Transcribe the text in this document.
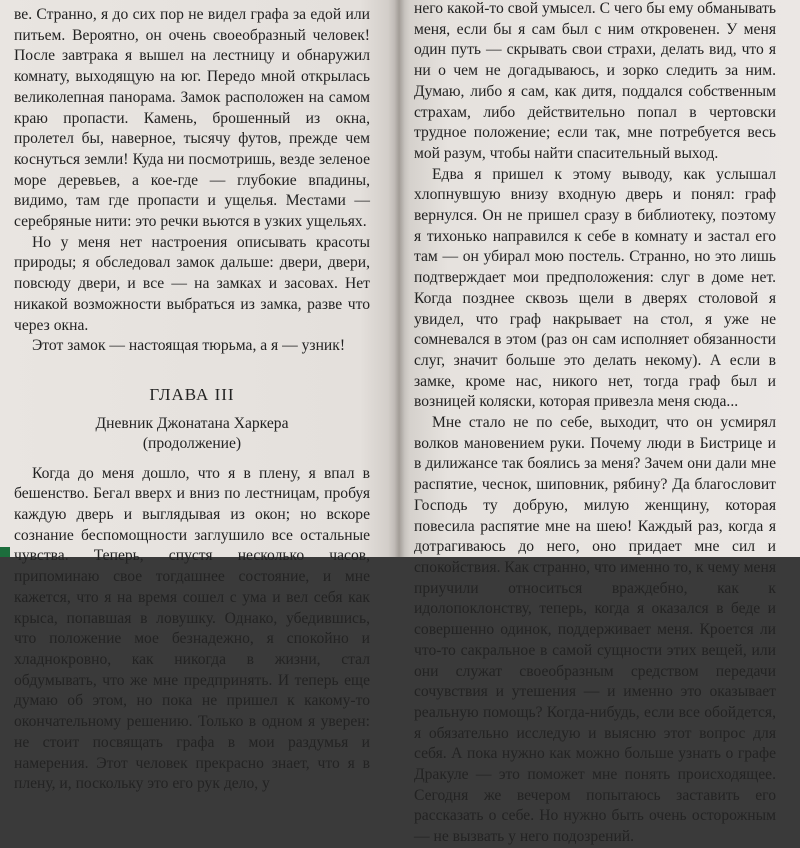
ве. Странно, я до сих пор не видел графа за едой или питьем. Вероятно, он очень своеобразный человек! После завтрака я вышел на лестницу и обнаружил комнату, выходящую на юг. Передо мной открылась великолепная панорама. Замок расположен на самом краю пропасти. Камень, брошенный из окна, пролетел бы, наверное, тысячу футов, прежде чем коснуться земли! Куда ни посмотришь, везде зеленое море деревьев, а кое-где — глубокие впадины, видимо, там где пропасти и ущелья. Местами — серебряные нити: это речки вьются в узких ущельях.

Но у меня нет настроения описывать красоты природы; я обследовал замок дальше: двери, двери, повсюду двери, и все — на замках и засовах. Нет никакой возможности выбраться из замка, разве что через окна.

Этот замок — настоящая тюрьма, а я — узник!

ГЛАВА III
Дневник Джонатана Харкера
(продолжение)

Когда до меня дошло, что я в плену, я впал в бешенство. Бегал вверх и вниз по лестницам, пробуя каждую дверь и выглядывая из окон; но вскоре сознание беспомощности заглушило все остальные чувства. Теперь, спустя несколько часов, припоминаю свое тогдашнее состояние, и мне кажется, что я на время сошел с ума и вел себя как крыса, попавшая в ловушку. Однако, убедившись, что положение мое безнадежно, я спокойно и хладнокровно, как никогда в жизни, стал обдумывать, что же мне предпринять. И теперь еще думаю об этом, но пока не пришел к какому-то окончательному решению. Только в одном я уверен: не стоит посвящать графа в мои раздумья и намерения. Этот человек прекрасно знает, что я в плену, и, поскольку это его рук дело, у

него какой-то свой умысел. С чего бы ему обманывать меня, если бы я сам был с ним откровенен. У меня один путь — скрывать свои страхи, делать вид, что я ни о чем не догадываюсь, и зорко следить за ним. Думаю, либо я сам, как дитя, поддался собственным страхам, либо действительно попал в чертовски трудное положение; если так, мне потребуется весь мой разум, чтобы найти спасительный выход.

Едва я пришел к этому выводу, как услышал хлопнувшую внизу входную дверь и понял: граф вернулся. Он не пришел сразу в библиотеку, поэтому я тихонько направился к себе в комнату и застал его там — он убирал мою постель. Странно, но это лишь подтверждает мои предположения: слуг в доме нет. Когда позднее сквозь щели в дверях столовой я увидел, что граф накрывает на стол, я уже не сомневался в этом (раз он сам исполняет обязанности слуг, значит больше это делать некому). А если в замке, кроме нас, никого нет, тогда граф был и возницей коляски, которая привезла меня сюда...

Мне стало не по себе, выходит, что он усмирял волков мановением руки. Почему люди в Бистрице и в дилижансе так боялись за меня? Зачем они дали мне распятие, чеснок, шиповник, рябину? Да благословит Господь ту добрую, милую женщину, которая повесила распятие мне на шею! Каждый раз, когда я дотрагиваюсь до него, оно придает мне сил и спокойствия. Как странно, что именно то, к чему меня приучили относиться враждебно, как к идолопоклонству, теперь, когда я оказался в беде и совершенно одинок, поддерживает меня. Кроется ли что-то сакральное в самой сущности этих вещей, или они служат своеобразным средством передачи сочувствия и утешения — и именно это оказывает реальную помощь? Когда-нибудь, если все обойдется, я обязательно исследую и выясню этот вопрос для себя. А пока нужно как можно больше узнать о графе Дракуле — это поможет мне понять происходящее. Сегодня же вечером попытаюсь заставить его рассказать о себе. Но нужно быть очень осторожным — не вызвать у него подозрений.
